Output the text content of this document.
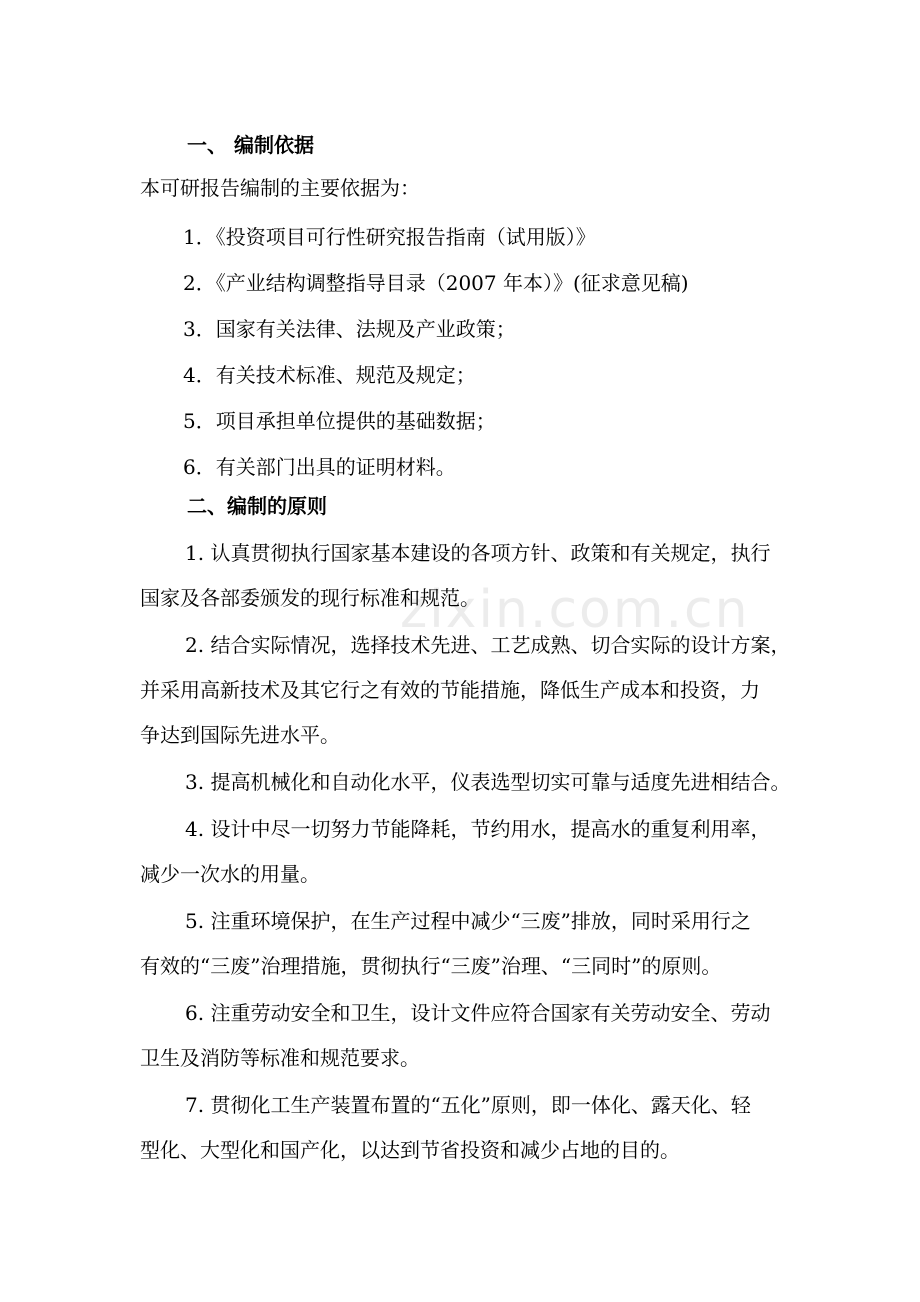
zixin.com.cn
一、 编制依据
本可研报告编制的主要依据为：
1．《投资项目可行性研究报告指南（试用版）》
2．《产业结构调整指导目录（2007 年本）》(征求意见稿)
3．国家有关法律、法规及产业政策；
4．有关技术标准、规范及规定；
5．项目承担单位提供的基础数据；
6．有关部门出具的证明材料。
二、编制的原则
1. 认真贯彻执行国家基本建设的各项方针、政策和有关规定，执行
国家及各部委颁发的现行标准和规范。
2. 结合实际情况，选择技术先进、工艺成熟、切合实际的设计方案，
并采用高新技术及其它行之有效的节能措施，降低生产成本和投资，力
争达到国际先进水平。
3. 提高机械化和自动化水平，仪表选型切实可靠与适度先进相结合。
4. 设计中尽一切努力节能降耗，节约用水，提高水的重复利用率，
减少一次水的用量。
5. 注重环境保护，在生产过程中减少“三废”排放，同时采用行之
有效的“三废”治理措施，贯彻执行“三废”治理、“三同时”的原则。
6. 注重劳动安全和卫生，设计文件应符合国家有关劳动安全、劳动
卫生及消防等标准和规范要求。
7. 贯彻化工生产装置布置的“五化”原则，即一体化、露天化、轻
型化、大型化和国产化，以达到节省投资和减少占地的目的。
